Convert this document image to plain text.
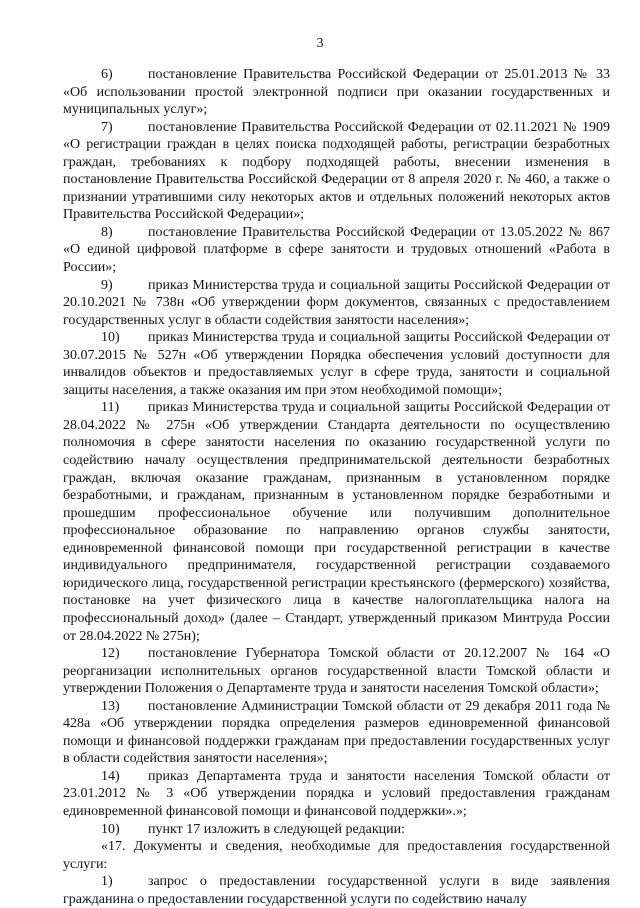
3

6)	постановление Правительства Российской Федерации от 25.01.2013 № 33 «Об использовании простой электронной подписи при оказании государственных и муниципальных услуг»;

7)	постановление Правительства Российской Федерации от 02.11.2021 № 1909 «О регистрации граждан в целях поиска подходящей работы, регистрации безработных граждан, требованиях к подбору подходящей работы, внесении изменения в постановление Правительства Российской Федерации от 8 апреля 2020 г. № 460, а также о признании утратившими силу некоторых актов и отдельных положений некоторых актов Правительства Российской Федерации»;

8)	постановление Правительства Российской Федерации от 13.05.2022 № 867 «О единой цифровой платформе в сфере занятости и трудовых отношений «Работа в России»;

9)	приказ Министерства труда и социальной защиты Российской Федерации от 20.10.2021 № 738н «Об утверждении форм документов, связанных с предоставлением государственных услуг в области содействия занятости населения»;

10) приказ Министерства труда и социальной защиты Российской Федерации от 30.07.2015 № 527н «Об утверждении Порядка обеспечения условий доступности для инвалидов объектов и предоставляемых услуг в сфере труда, занятости и социальной защиты населения, а также оказания им при этом необходимой помощи»;

11) приказ Министерства труда и социальной защиты Российской Федерации от 28.04.2022 № 275н «Об утверждении Стандарта деятельности по осуществлению полномочия в сфере занятости населения по оказанию государственной услуги по содействию началу осуществления предпринимательской деятельности безработных граждан, включая оказание гражданам, признанным в установленном порядке безработными, и гражданам, признанным в установленном порядке безработными и прошедшим профессиональное обучение или получившим дополнительное профессиональное образование по направлению органов службы занятости, единовременной финансовой помощи при государственной регистрации в качестве индивидуального предпринимателя, государственной регистрации создаваемого юридического лица, государственной регистрации крестьянского (фермерского) хозяйства, постановке на учет физического лица в качестве налогоплательщика налога на профессиональный доход» (далее – Стандарт, утвержденный приказом Минтруда России от 28.04.2022 № 275н);

12) постановление Губернатора Томской области от 20.12.2007 № 164 «О реорганизации исполнительных органов государственной власти Томской области и утверждении Положения о Департаменте труда и занятости населения Томской области»;

13) постановление Администрации Томской области от 29 декабря 2011 года № 428а «Об утверждении порядка определения размеров единовременной финансовой помощи и финансовой поддержки гражданам при предоставлении государственных услуг в области содействия занятости населения»;

14) приказ Департамента труда и занятости населения Томской области от 23.01.2012 № 3 «Об утверждении порядка и условий предоставления гражданам единовременной финансовой помощи и финансовой поддержки».»;

10) пункт 17 изложить в следующей редакции:

«17. Документы и сведения, необходимые для предоставления государственной услуги:

1)	запрос о предоставлении государственной услуги в виде заявления гражданина о предоставлении государственной услуги по содействию началу
